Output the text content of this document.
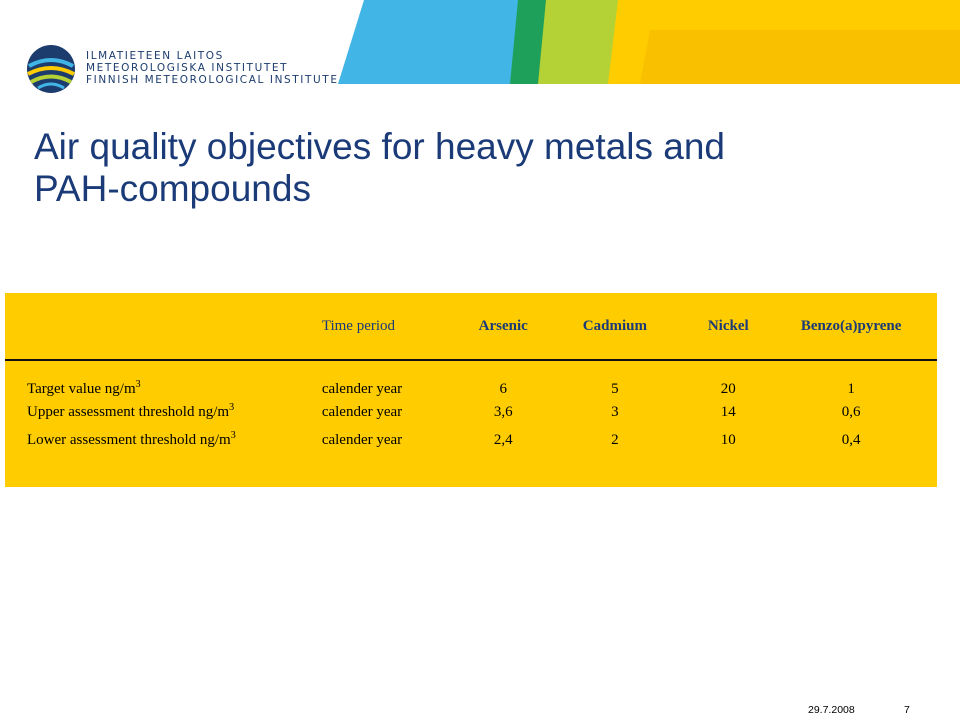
ILMATIETEEN LAITOS
METEOROLOGISKA INSTITUTET
FINNISH METEOROLOGICAL INSTITUTE
Air quality objectives for heavy metals and
PAH-compounds
	Time period	Arsenic	Cadmium	Nickel	Benzo(a)pyrene
Target value $ng/m^3$	calender year	6	5	20	1
Upper assessment threshold $ng/m^3$	calender year	3,6	3	14	0,6
Lower assessment threshold $ng/m^3$	calender year	2,4	2	10	0,4
29.7.2008	7
